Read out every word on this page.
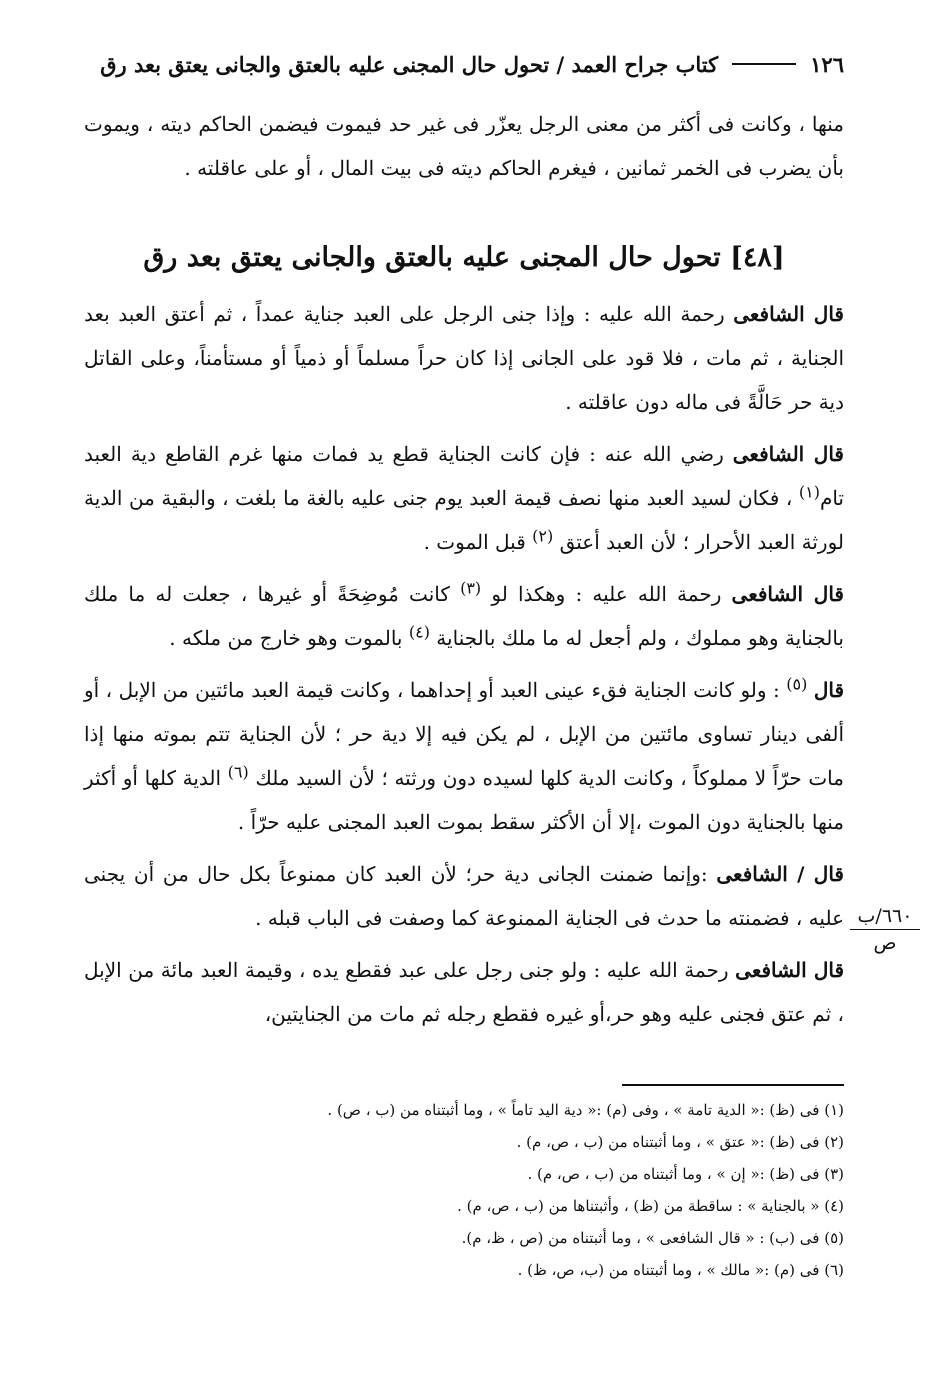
١٢٦
كتاب جراح العمد / تحول حال المجنى عليه بالعتق والجانى يعتق بعد رق
منها ، وكانت فى أكثر من معنى الرجل يعزّر فى غير حد فيموت فيضمن الحاكم ديته ، ويموت بأن يضرب فى الخمر ثمانين ، فيغرم الحاكم ديته فى بيت المال ، أو على عاقلته .
[٤٨] تحول حال المجنى عليه بالعتق والجانى يعتق بعد رق

قال الشافعى رحمة الله عليه : وإذا جنى الرجل على العبد جناية عمداً ، ثم أعتق العبد بعد الجناية ، ثم مات ، فلا قود على الجانى إذا كان حراً مسلماً أو ذمياً أو مستأمناً، وعلى القاتل دية حر حَالَّةً فى ماله دون عاقلته .

قال الشافعى رضي الله عنه : فإن كانت الجناية قطع يد فمات منها غرم القاطع دية العبد تام$^{(١)}$ ، فكان لسيد العبد منها نصف قيمة العبد يوم جنى عليه بالغة ما بلغت ، والبقية من الدية لورثة العبد الأحرار ؛ لأن العبد أعتق $^{(٢)}$ قبل الموت .

قال الشافعى رحمة الله عليه : وهكذا لو $^{(٣)}$ كانت مُوضِحَةً أو غيرها ، جعلت له ما ملك بالجناية وهو مملوك ، ولم أجعل له ما ملك بالجناية $^{(٤)}$ بالموت وهو خارج من ملكه .

قال $^{(٥)}$ : ولو كانت الجناية فقء عينى العبد أو إحداهما ، وكانت قيمة العبد مائتين من الإبل ، أو ألفى دينار تساوى مائتين من الإبل ، لم يكن فيه إلا دية حر ؛ لأن الجناية تتم بموته منها إذا مات حرّاً لا مملوكاً ، وكانت الدية كلها لسيده دون ورثته ؛ لأن السيد ملك $^{(٦)}$ الدية كلها أو أكثر منها بالجناية دون الموت ،إلا أن الأكثر سقط بموت العبد المجنى عليه حرّاً .

قال / الشافعى :وإنما ضمنت الجانى دية حر؛ لأن العبد كان ممنوعاً بكل حال من أن يجنى عليه ، فضمنته ما حدث فى الجناية الممنوعة كما وصفت فى الباب قبله .

قال الشافعى رحمة الله عليه : ولو جنى رجل على عبد فقطع يده ، وقيمة العبد مائة من الإبل ، ثم عتق فجنى عليه وهو حر،أو غيره فقطع رجله ثم مات من الجنايتين،

٦٦٠/ب
ص
(١) فى (ظ) :« الدية تامة » ، وفى (م) :« دية اليد تاماً » ، وما أثبتناه من (ب ، ص) .
(٢) فى (ظ) :« عتق » ، وما أثبتناه من (ب ، ص، م) .
(٣) فى (ظ) :« إن » ، وما أثبتناه من (ب ، ص، م) .
(٤) « بالجناية » : ساقطة من (ظ) ، وأثبتناها من (ب ، ص، م) .
(٥) فى (ب) : « قال الشافعى » ، وما أثبتناه من (ص ، ظ، م).
(٦) فى (م) :« مالك » ، وما أثبتناه من (ب، ص، ظ) .
